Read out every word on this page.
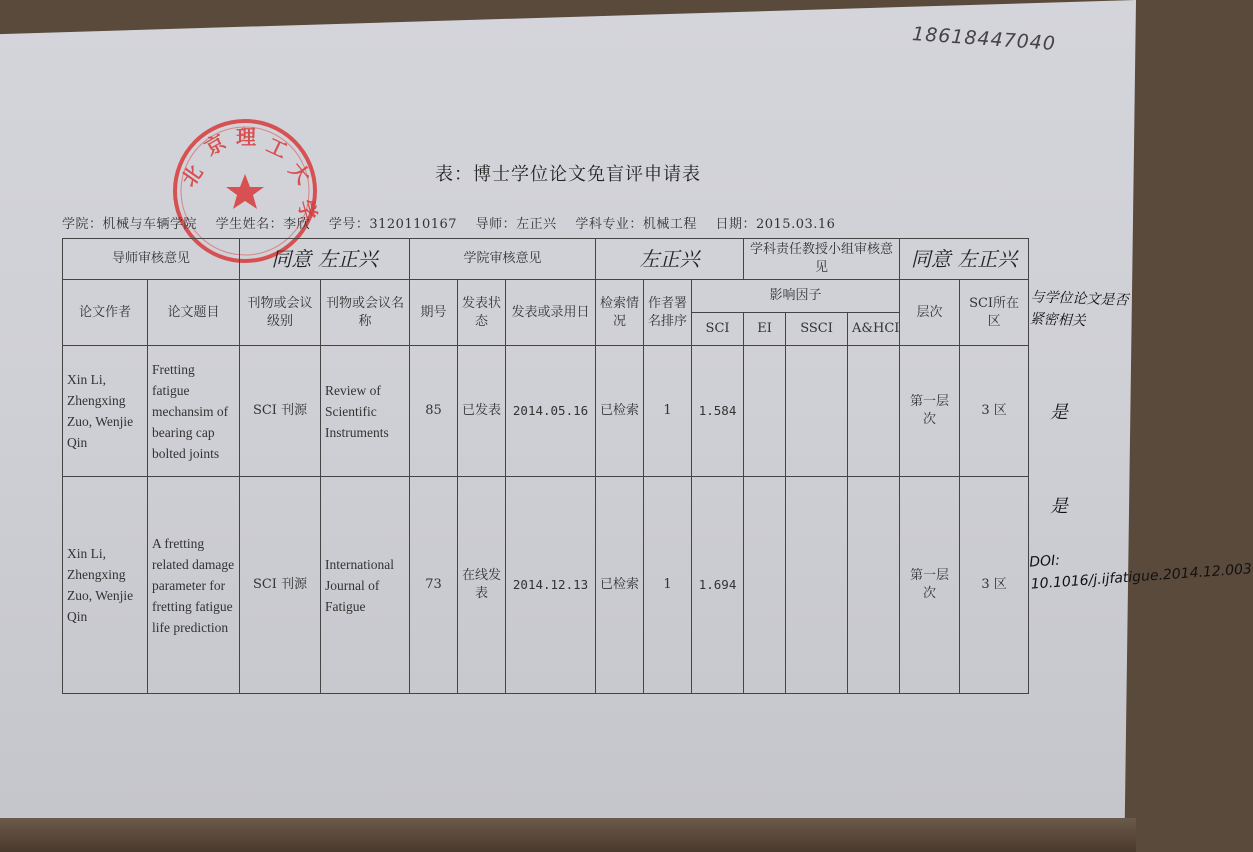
18618447040
北
京 理 工
大
学
表：博士学位论文免盲评申请表
学院：机械与车辆学院 学生姓名：李欣 学号：3120110167 导师：左正兴 学科专业：机械工程 日期：2015.03.16
导师审核意见		同意 左正兴		学院审核意见			左正兴			学科责任教授小组审核意见			同意 左正兴	
论文作者	论文题目	刊物或会议级别	刊物或会议名称	期号	发表状态	发表或录用日	检索情况	作者署名排序	影响因子				层次	SCI所在区
									SCI	EI	SSCI	A&HCI		
Xin Li, Zhengxing Zuo, Wenjie Qin	Fretting fatigue mechansim of bearing cap bolted joints	SCI 刊源	Review of Scientific Instruments	85	已发表	2014.05.16	已检索	1	1.584				第一层次	3 区
Xin Li, Zhengxing Zuo, Wenjie Qin	A fretting related damage parameter for fretting fatigue life prediction	SCI 刊源	International Journal of Fatigue	73	在线发表	2014.12.13	已检索	1	1.694				第一层次	3 区
与学位论文是否紧密相关
是
是
DOI: 10.1016/j.ijfatigue.2014.12.003
